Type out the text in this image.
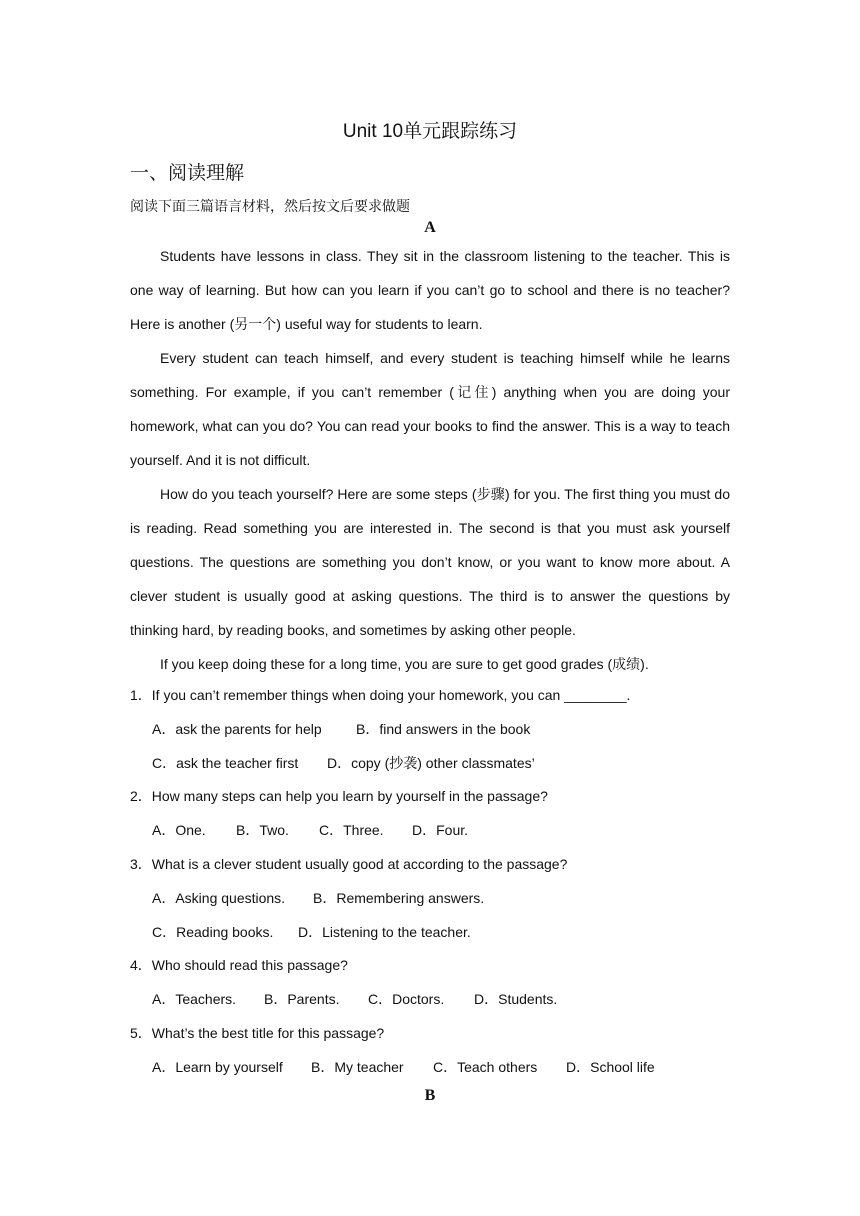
Unit 10单元跟踪练习
一、阅读理解
阅读下面三篇语言材料，然后按文后要求做题
A

Students have lessons in class. They sit in the classroom listening to the teacher. This is one way of learning. But how can you learn if you can’t go to school and there is no teacher? Here is another (另一个) useful way for students to learn.

Every student can teach himself, and every student is teaching himself while he learns something. For example, if you can’t remember (记住) anything when you are doing your homework, what can you do? You can read your books to find the answer. This is a way to teach yourself. And it is not difficult.

How do you teach yourself? Here are some steps (步骤) for you. The first thing you must do is reading. Read something you are interested in. The second is that you must ask yourself questions. The questions are something you don’t know, or you want to know more about. A clever student is usually good at asking questions. The third is to answer the questions by thinking hard, by reading books, and sometimes by asking other people.

If you keep doing these for a long time, you are sure to get good grades (成绩).

1．If you can’t remember things when doing your homework, you can ________.
A．ask the parents for help B．find answers in the book
C．ask the teacher first D．copy (抄袭) other classmates’
2．How many steps can help you learn by yourself in the passage?
A．One. B．Two. C．Three. D．Four.
3．What is a clever student usually good at according to the passage?
A．Asking questions. B．Remembering answers.
C．Reading books. D．Listening to the teacher.
4．Who should read this passage?
A．Teachers. B．Parents. C．Doctors. D．Students.
5．What’s the best title for this passage?
A．Learn by yourself B．My teacher C．Teach others D．School life
B
